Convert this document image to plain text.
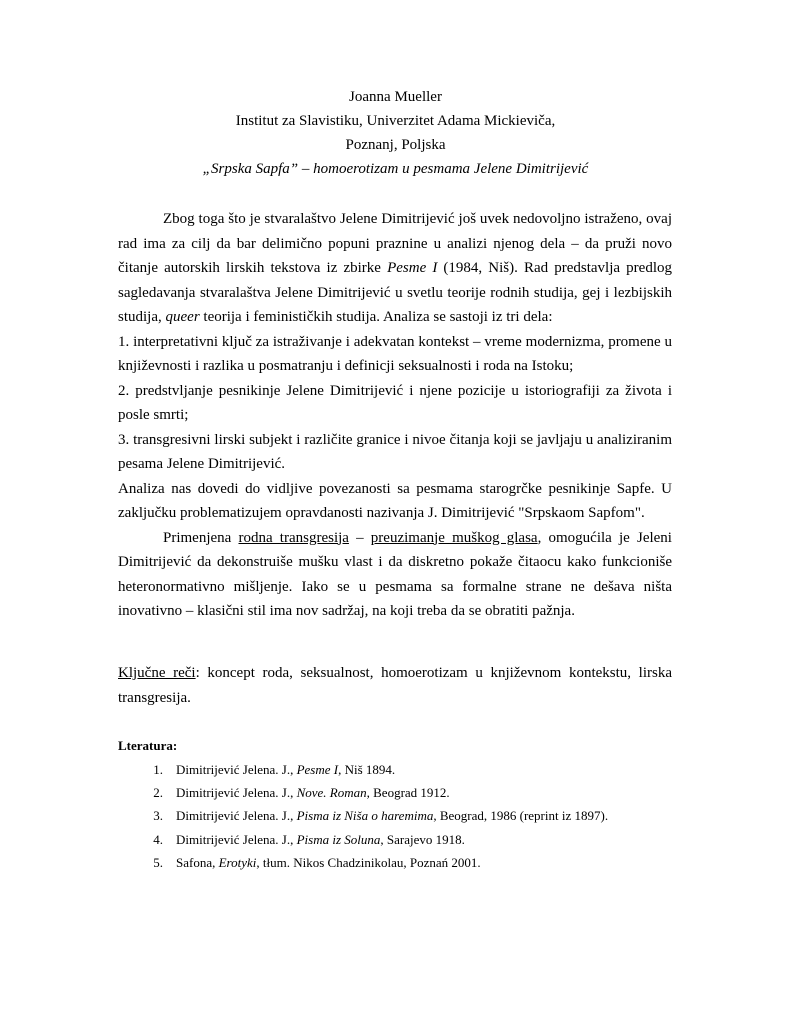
Joanna Mueller
Institut za Slavistiku, Univerzitet Adama Mickieviča,
Poznanj, Poljska
„Srpska Sapfa” – homoerotizam u pesmama Jelene Dimitrijević

Zbog toga što je stvaralaštvo Jelene Dimitrijević još uvek nedovoljno istraženo, ovaj rad ima za cilj da bar delimično popuni praznine u analizi njenog dela – da pruži novo čitanje autorskih lirskih tekstova iz zbirke Pesme I (1984, Niš). Rad predstavlja predlog sagledavanja stvaralaštva Jelene Dimitrijević u svetlu teorije rodnih studija, gej i lezbijskih studija, queer teorija i feminističkih studija. Analiza se sastoji iz tri dela:

1. interpretativni ključ za istraživanje i adekvatan kontekst – vreme modernizma, promene u književnosti i razlika u posmatranju i definicji seksualnosti i roda na Istoku;

2. predstvljanje pesnikinje Jelene Dimitrijević i njene pozicije u istoriografiji za života i posle smrti;

3. transgresivni lirski subjekt i različite granice i nivoe čitanja koji se javljaju u analiziranim pesama Jelene Dimitrijević.

Analiza nas dovedi do vidljive povezanosti sa pesmama starogrčke pesnikinje Sapfe. U zaključku problematizujem opravdanosti nazivanja J. Dimitrijević "Srpskaom Sapfom".

Primenjena rodna transgresija – preuzimanje muškog glasa, omogućila je Jeleni Dimitrijević da dekonstruiše mušku vlast i da diskretno pokaže čitaocu kako funkcioniše heteronormativno mišljenje. Iako se u pesmama sa formalne strane ne dešava ništa inovativno – klasični stil ima nov sadržaj, na koji treba da se obratiti pažnja.

Ključne reči: koncept roda, seksualnost, homoerotizam u književnom kontekstu, lirska transgresija.

Lteratura:
1. Dimitrijević Jelena. J., Pesme I, Niš 1894.
2. Dimitrijević Jelena. J., Nove. Roman, Beograd 1912.
3. Dimitrijević Jelena. J., Pisma iz Niša o haremima, Beograd, 1986 (reprint iz 1897).
4. Dimitrijević Jelena. J., Pisma iz Soluna, Sarajevo 1918.
5. Safona, Erotyki, tłum. Nikos Chadzinikolau, Poznań 2001.
